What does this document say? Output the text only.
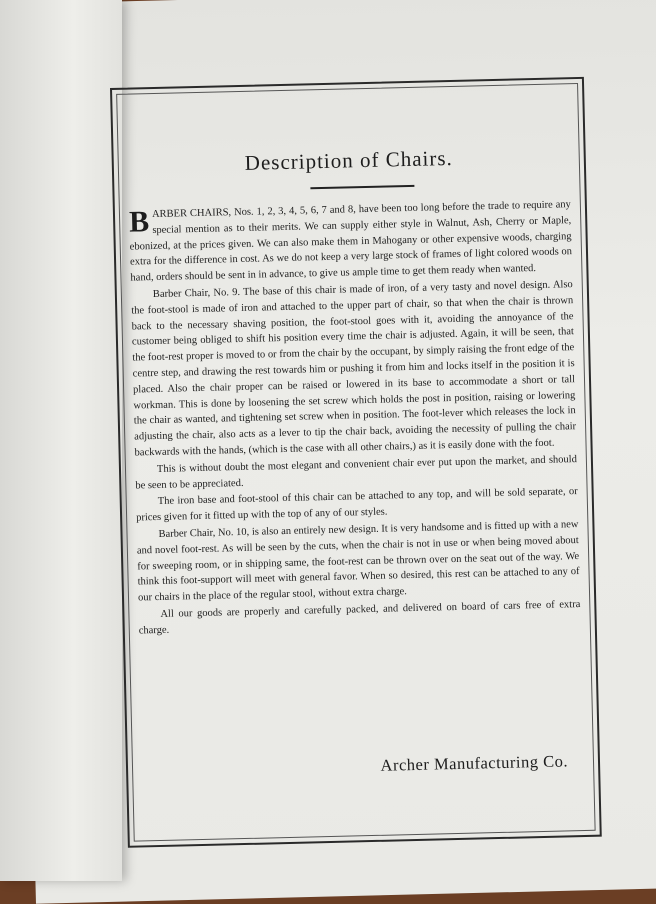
Description of Chairs.

BARBER CHAIRS, Nos. 1, 2, 3, 4, 5, 6, 7 and 8, have been too long before the trade to require any special mention as to their merits. We can supply either style in Walnut, Ash, Cherry or Maple, ebonized, at the prices given. We can also make them in Mahogany or other expensive woods, charging extra for the difference in cost. As we do not keep a very large stock of frames of light colored woods on hand, orders should be sent in in advance, to give us ample time to get them ready when wanted.

Barber Chair, No. 9. The base of this chair is made of iron, of a very tasty and novel design. Also the foot-stool is made of iron and attached to the upper part of chair, so that when the chair is thrown back to the necessary shaving position, the foot-stool goes with it, avoiding the annoyance of the customer being obliged to shift his position every time the chair is adjusted. Again, it will be seen, that the foot-rest proper is moved to or from the chair by the occupant, by simply raising the front edge of the centre step, and drawing the rest towards him or pushing it from him and locks itself in the position it is placed. Also the chair proper can be raised or lowered in its base to accommodate a short or tall workman. This is done by loosening the set screw which holds the post in position, raising or lowering the chair as wanted, and tightening set screw when in position. The foot-lever which releases the lock in adjusting the chair, also acts as a lever to tip the chair back, avoiding the necessity of pulling the chair backwards with the hands, (which is the case with all other chairs,) as it is easily done with the foot.

This is without doubt the most elegant and convenient chair ever put upon the market, and should be seen to be appreciated.

The iron base and foot-stool of this chair can be attached to any top, and will be sold separate, or prices given for it fitted up with the top of any of our styles.

Barber Chair, No. 10, is also an entirely new design. It is very handsome and is fitted up with a new and novel foot-rest. As will be seen by the cuts, when the chair is not in use or when being moved about for sweeping room, or in shipping same, the foot-rest can be thrown over on the seat out of the way. We think this foot-support will meet with general favor. When so desired, this rest can be attached to any of our chairs in the place of the regular stool, without extra charge.

All our goods are properly and carefully packed, and delivered on board of cars free of extra charge.

Archer Manufacturing Co.
